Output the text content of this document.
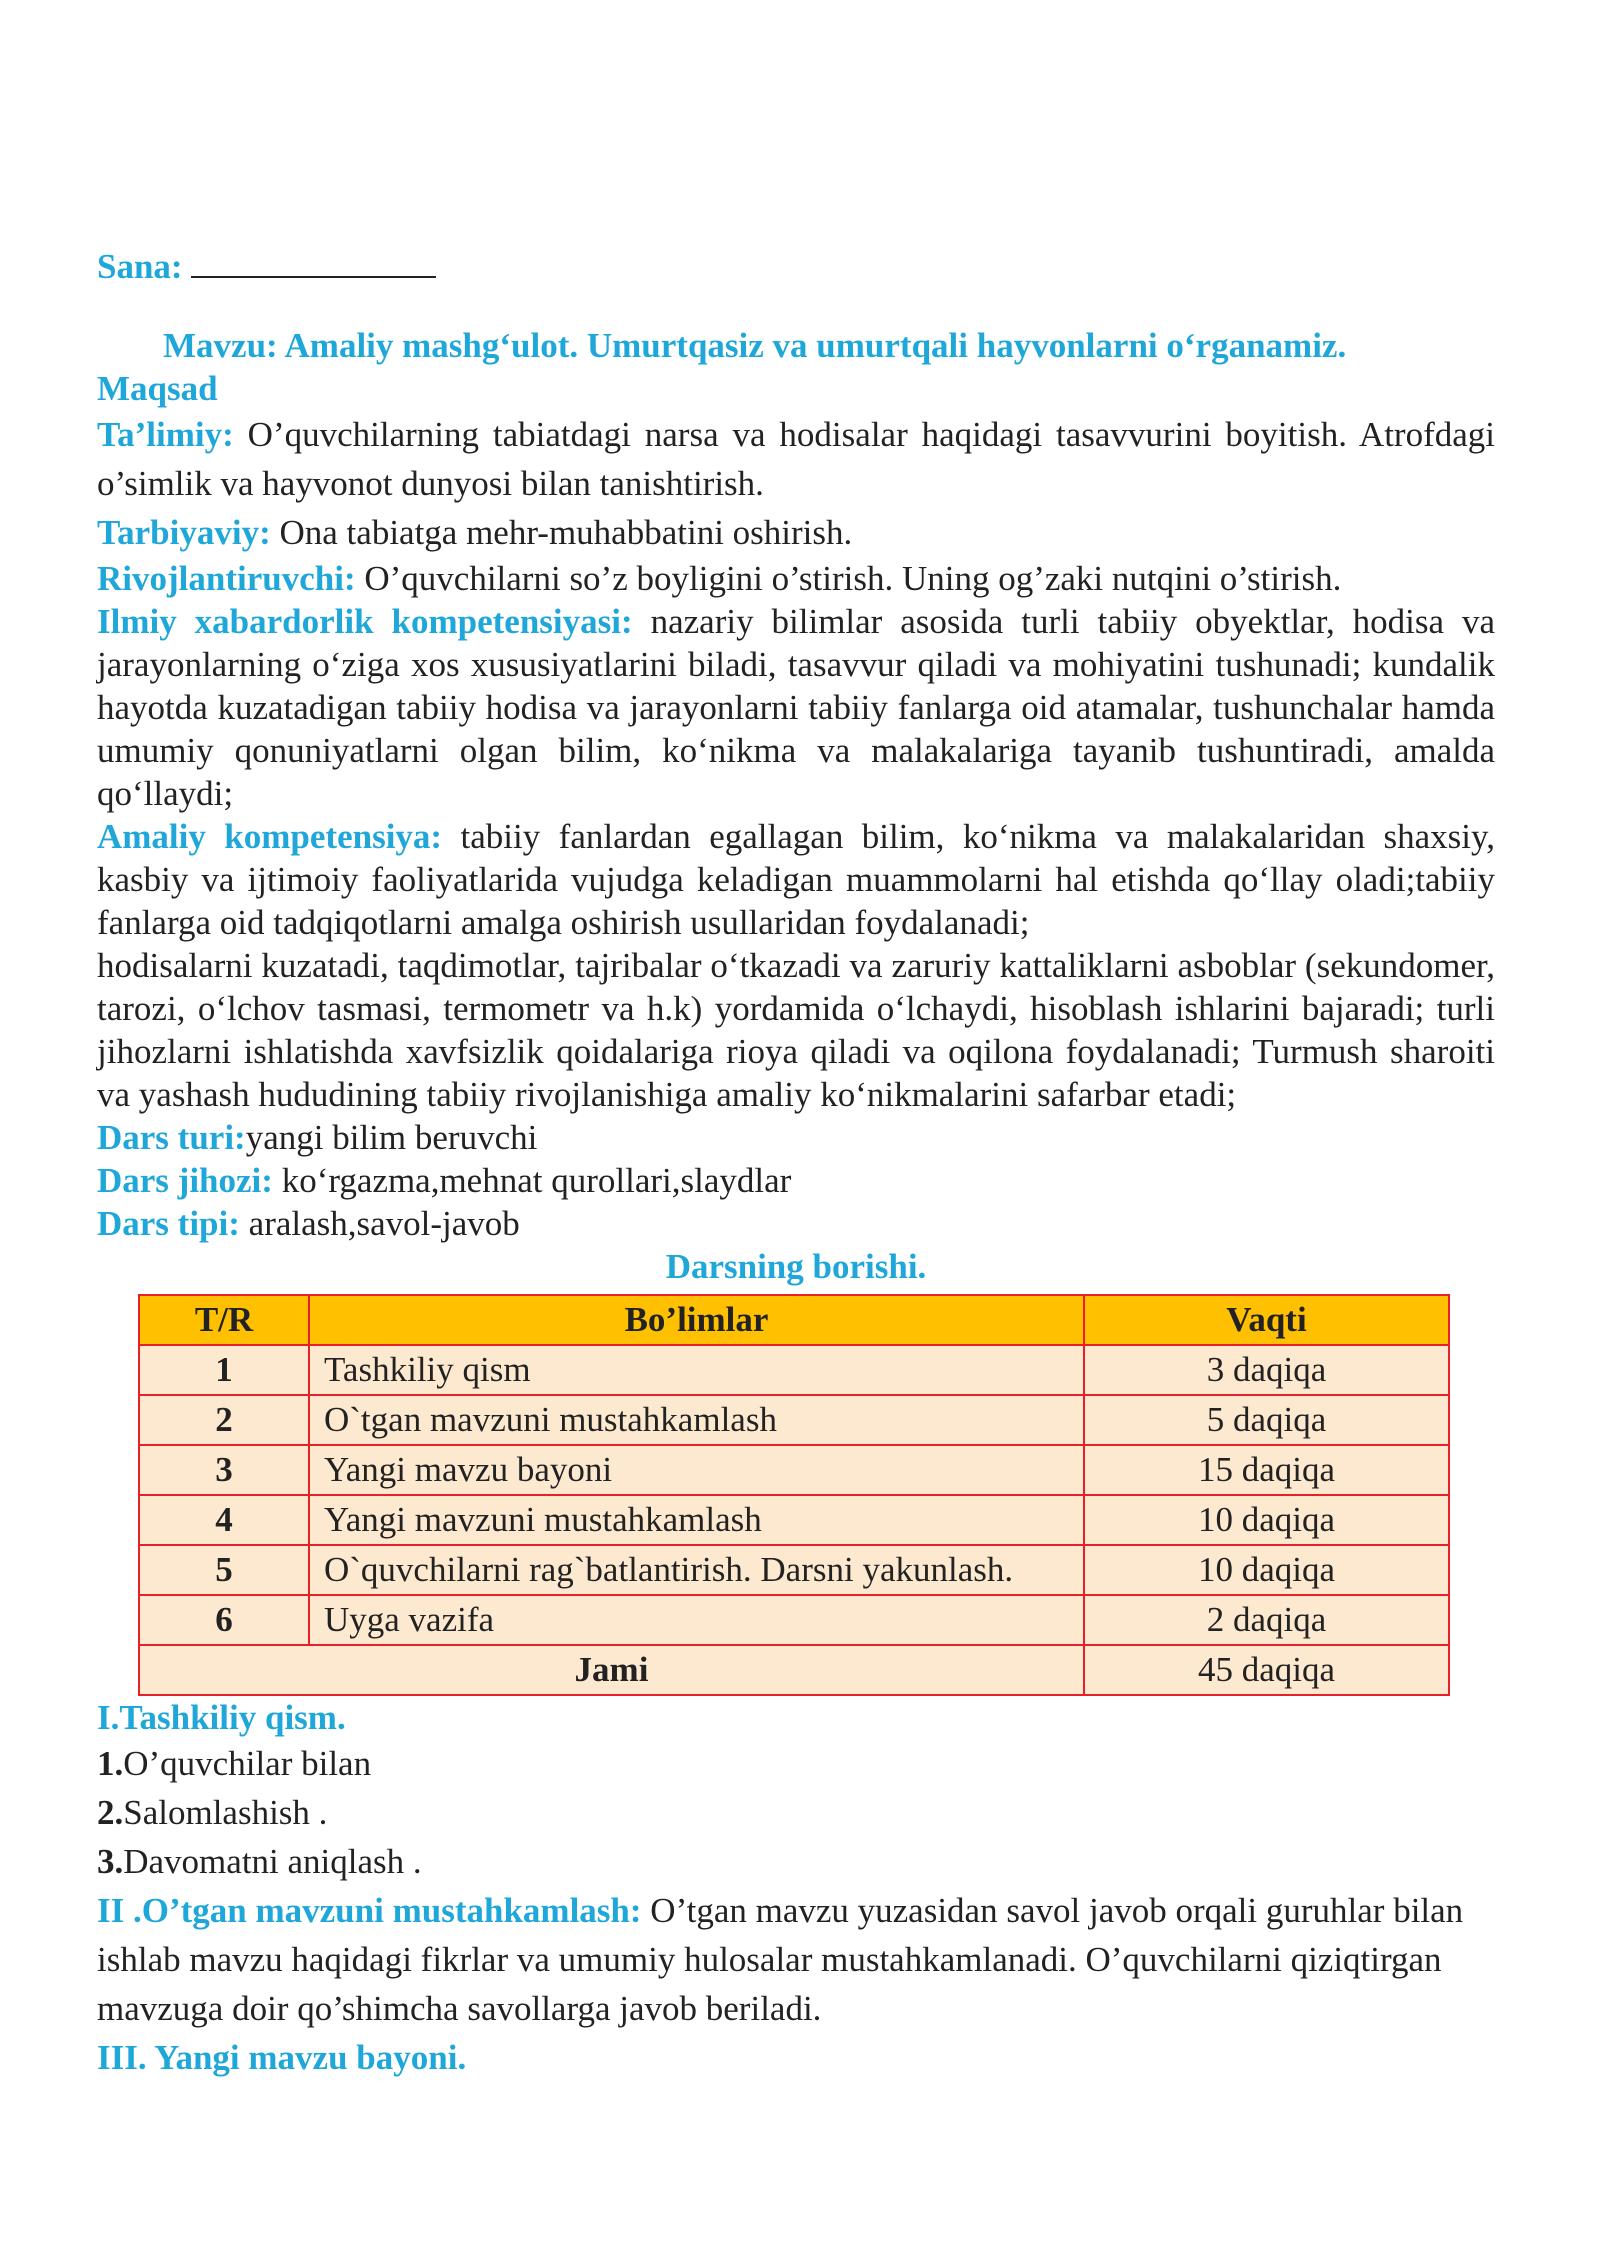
Sana:

Mavzu: Amaliy mashg‘ulot. Umurtqasiz va umurtqali hayvonlarni o‘rganamiz.

Maqsad

Ta’limiy: O’quvchilarning tabiatdagi narsa va hodisalar haqidagi tasavvurini boyitish. Atrofdagi o’simlik va hayvonot dunyosi bilan tanishtirish.

Tarbiyaviy: Ona tabiatga mehr-muhabbatini oshirish.

Rivojlantiruvchi: O’quvchilarni so’z boyligini o’stirish. Uning og’zaki nutqini o’stirish.

Ilmiy xabardorlik kompetensiyasi: nazariy bilimlar asosida turli tabiiy obyektlar, hodisa va jarayonlarning o‘ziga xos xususiyatlarini biladi, tasavvur qiladi va mohiyatini tushunadi; kundalik hayotda kuzatadigan tabiiy hodisa va jarayonlarni tabiiy fanlarga oid atamalar, tushunchalar hamda umumiy qonuniyatlarni olgan bilim, ko‘nikma va malakalariga tayanib tushuntiradi, amalda qo‘llaydi;

Amaliy kompetensiya: tabiiy fanlardan egallagan bilim, ko‘nikma va malakalaridan shaxsiy, kasbiy va ijtimoiy faoliyatlarida vujudga keladigan muammolarni hal etishda qo‘llay oladi;tabiiy fanlarga oid tadqiqotlarni amalga oshirish usullaridan foydalanadi;

hodisalarni kuzatadi, taqdimotlar, tajribalar o‘tkazadi va zaruriy kattaliklarni asboblar (sekundomer, tarozi, o‘lchov tasmasi, termometr va h.k) yordamida o‘lchaydi, hisoblash ishlarini bajaradi; turli jihozlarni ishlatishda xavfsizlik qoidalariga rioya qiladi va oqilona foydalanadi; Turmush sharoiti va yashash hududining tabiiy rivojlanishiga amaliy ko‘nikmalarini safarbar etadi;

Dars turi:yangi bilim beruvchi

Dars jihozi: ko‘rgazma,mehnat qurollari,slaydlar

Dars tipi: aralash,savol-javob

Darsning borishi.

T/R	Bo’limlar	Vaqti
1	Tashkiliy qism	3 daqiqa
2	O`tgan mavzuni mustahkamlash	5 daqiqa
3	Yangi mavzu bayoni	15 daqiqa
4	Yangi mavzuni mustahkamlash	10 daqiqa
5	O`quvchilarni rag`batlantirish. Darsni yakunlash.	10 daqiqa
6	Uyga vazifa	2 daqiqa
Jami		45 daqiqa

I.Tashkiliy qism.

1.O’quvchilar bilan

2.Salomlashish .

3.Davomatni aniqlash .

II .O’tgan mavzuni mustahkamlash: O’tgan mavzu yuzasidan savol javob orqali guruhlar bilan ishlab mavzu haqidagi fikrlar va umumiy hulosalar mustahkamlanadi. O’quvchilarni qiziqtirgan mavzuga doir qo’shimcha savollarga javob beriladi.

III. Yangi mavzu bayoni.
